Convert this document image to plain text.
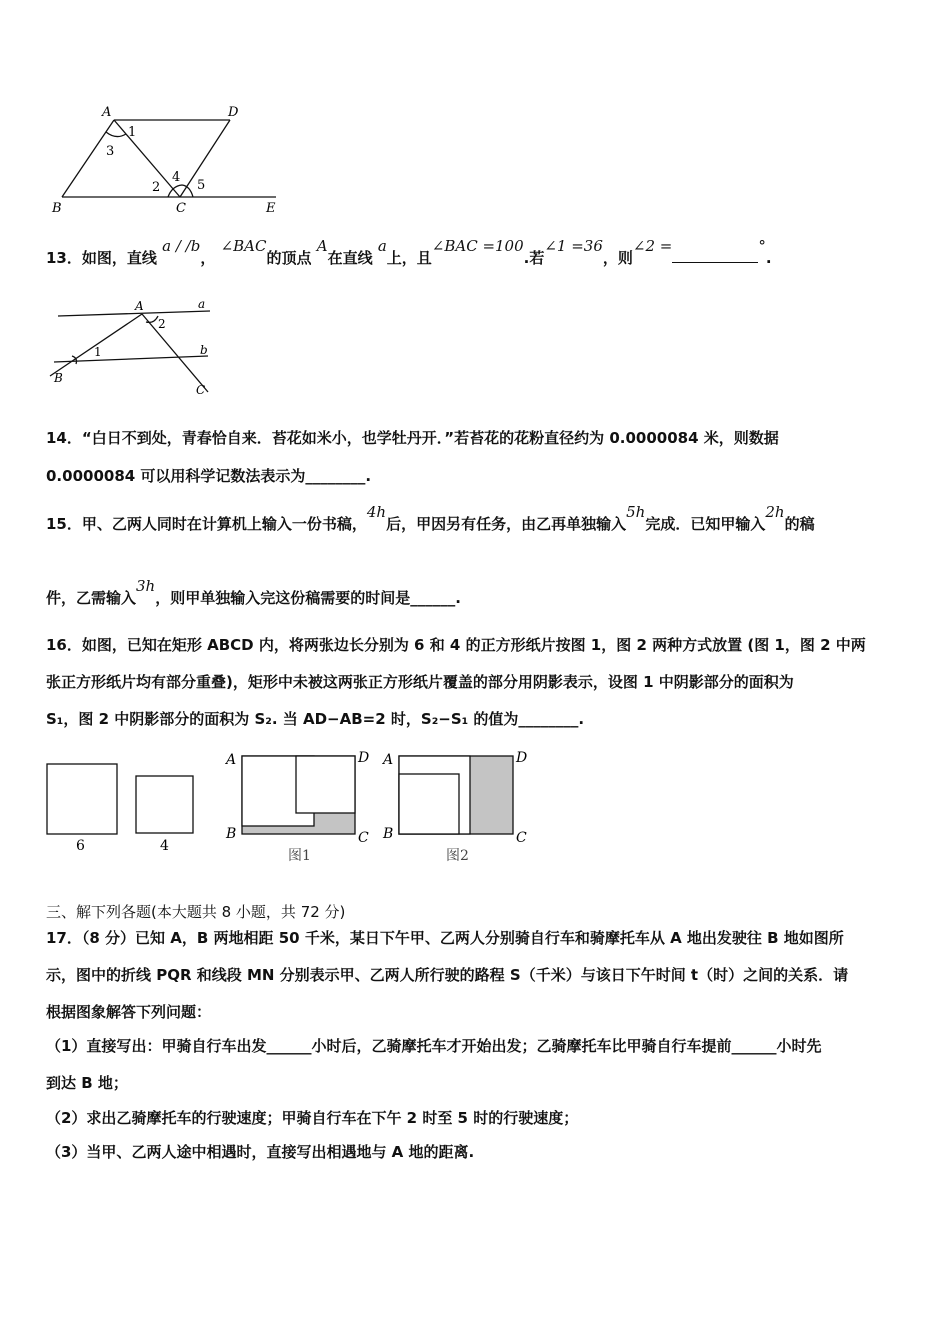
A	D
B	C	E
1
3
2
4
5
13．如图，直线 a / /b， ∠BAC的顶点 A在直线 a上，且∠BAC =100.若∠1 =36，则∠2 =	°.
A	a
b
B
C
1
2
14．“白日不到处，青春恰自来．苔花如米小，也学牡丹开．”若苔花的花粉直径约为 0.0000084 米，则数据
0.0000084 可以用科学记数法表示为________.
15．甲、乙两人同时在计算机上输入一份书稿，4h后，甲因另有任务，由乙再单独输入5h完成．已知甲输入2h的稿
件，乙需输入3h，则甲单独输入完这份稿需要的时间是______.
16．如图，已知在矩形 ABCD 内，将两张边长分别为 6 和 4 的正方形纸片按图 1，图 2 两种方式放置 (图 1，图 2 中两
张正方形纸片均有部分重叠)，矩形中未被这两张正方形纸片覆盖的部分用阴影表示，设图 1 中阴影部分的面积为
S₁，图 2 中阴影部分的面积为 S₂. 当 AD−AB=2 时，S₂−S₁ 的值为________.
6	4
A	D
B	C
图1
A	D
B	C
图2
三、解下列各题(本大题共 8 小题，共 72 分)
17．（8 分）已知 A，B 两地相距 50 千米，某日下午甲、乙两人分别骑自行车和骑摩托车从 A 地出发驶往 B 地如图所
示，图中的折线 PQR 和线段 MN 分别表示甲、乙两人所行驶的路程 S（千米）与该日下午时间 t（时）之间的关系．请
根据图象解答下列问题：
（1）直接写出：甲骑自行车出发______小时后，乙骑摩托车才开始出发；乙骑摩托车比甲骑自行车提前______小时先
到达 B 地；
（2）求出乙骑摩托车的行驶速度；甲骑自行车在下午 2 时至 5 时的行驶速度；
（3）当甲、乙两人途中相遇时，直接写出相遇地与 A 地的距离.
